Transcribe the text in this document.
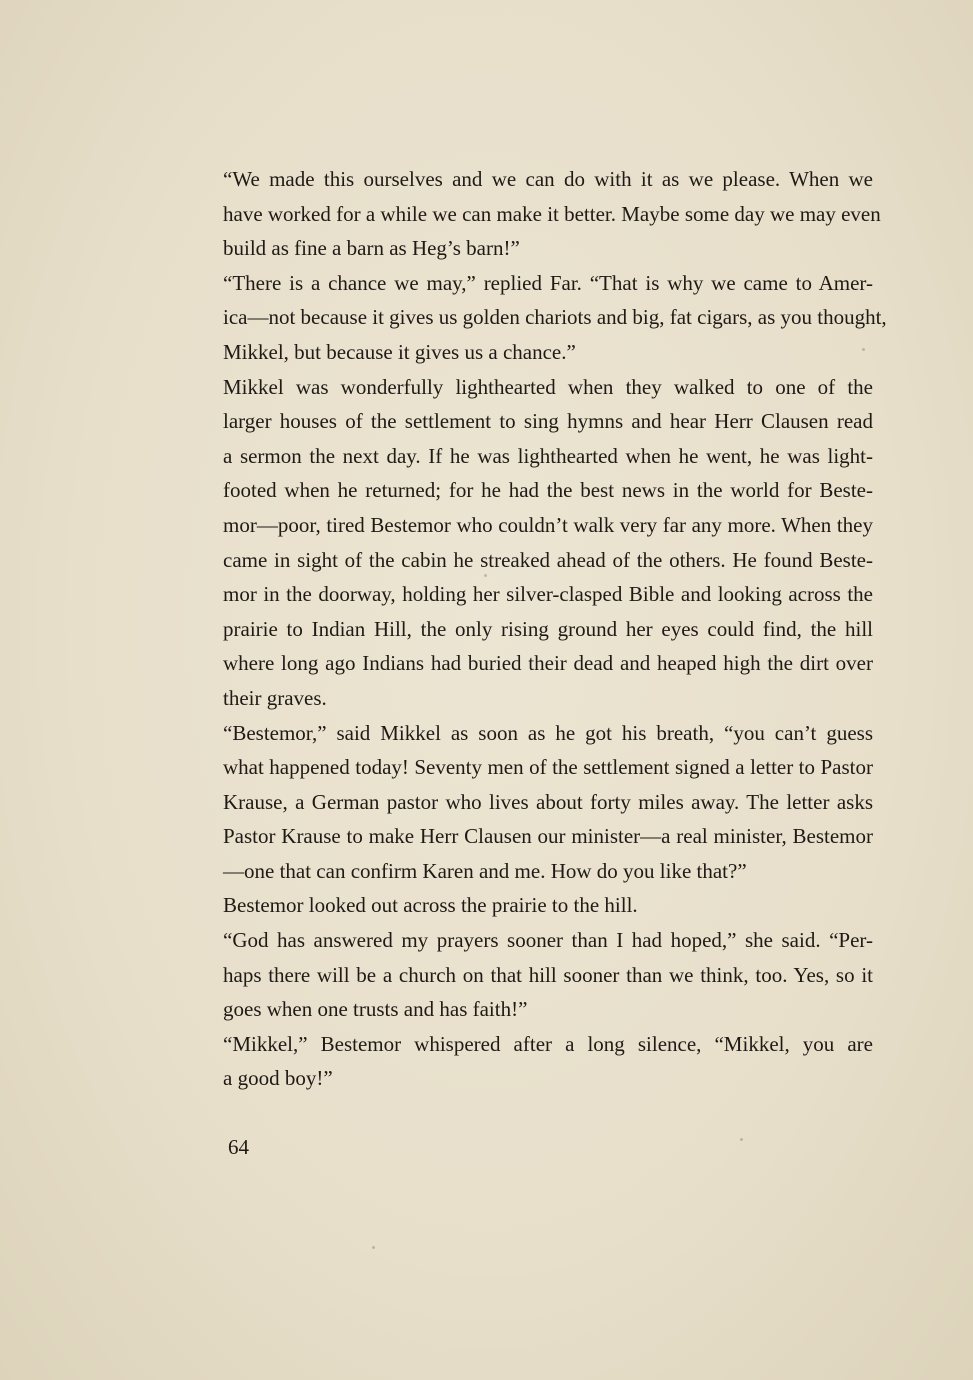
“We made this ourselves and we can do with it as we please. When we
have worked for a while we can make it better. Maybe some day we may even
build as fine a barn as Heg’s barn!”

“There is a chance we may,” replied Far. “That is why we came to Amer-
ica—not because it gives us golden chariots and big, fat cigars, as you thought,
Mikkel, but because it gives us a chance.”

Mikkel was wonderfully lighthearted when they walked to one of the
larger houses of the settlement to sing hymns and hear Herr Clausen read
a sermon the next day. If he was lighthearted when he went, he was light-
footed when he returned; for he had the best news in the world for Beste-
mor—poor, tired Bestemor who couldn’t walk very far any more. When they
came in sight of the cabin he streaked ahead of the others. He found Beste-
mor in the doorway, holding her silver-clasped Bible and looking across the
prairie to Indian Hill, the only rising ground her eyes could find, the hill
where long ago Indians had buried their dead and heaped high the dirt over
their graves.

“Bestemor,” said Mikkel as soon as he got his breath, “you can’t guess
what happened today! Seventy men of the settlement signed a letter to Pastor
Krause, a German pastor who lives about forty miles away. The letter asks
Pastor Krause to make Herr Clausen our minister—a real minister, Bestemor
—one that can confirm Karen and me. How do you like that?”

Bestemor looked out across the prairie to the hill.

“God has answered my prayers sooner than I had hoped,” she said. “Per-
haps there will be a church on that hill sooner than we think, too. Yes, so it
goes when one trusts and has faith!”

“Mikkel,” Bestemor whispered after a long silence, “Mikkel, you are
a good boy!”

64
